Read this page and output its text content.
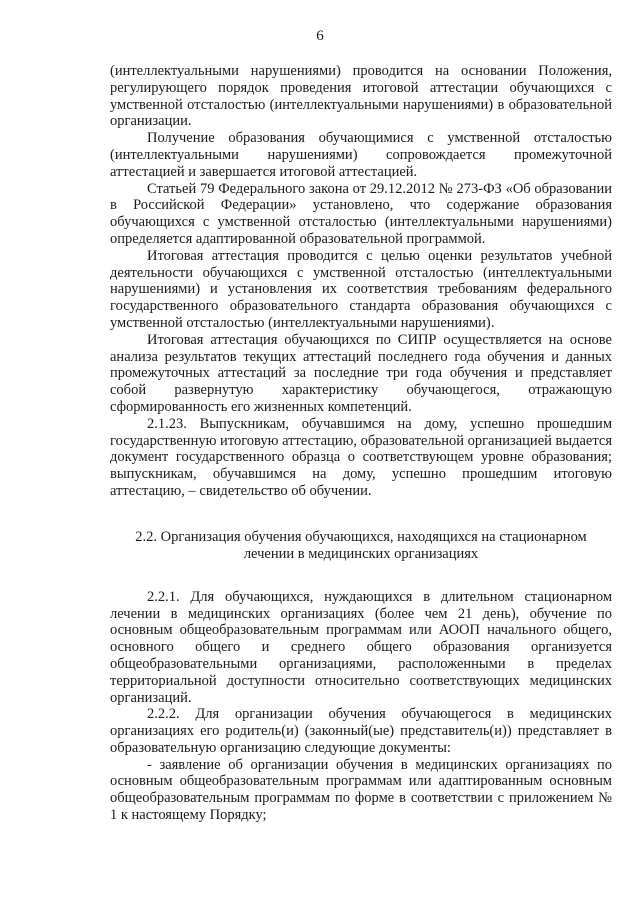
6

(интеллектуальными нарушениями) проводится на основании Положения, регулирующего порядок проведения итоговой аттестации обучающихся с умственной отсталостью (интеллектуальными нарушениями) в образовательной организации.

Получение образования обучающимися с умственной отсталостью (интеллектуальными нарушениями) сопровождается промежуточной аттестацией и завершается итоговой аттестацией.

Статьей 79 Федерального закона от 29.12.2012 № 273-ФЗ «Об образовании в Российской Федерации» установлено, что содержание образования обучающихся с умственной отсталостью (интеллектуальными нарушениями) определяется адаптированной образовательной программой.

Итоговая аттестация проводится с целью оценки результатов учебной деятельности обучающихся с умственной отсталостью (интеллектуальными нарушениями) и установления их соответствия требованиям федерального государственного образовательного стандарта образования обучающихся с умственной отсталостью (интеллектуальными нарушениями).

Итоговая аттестация обучающихся по СИПР осуществляется на основе анализа результатов текущих аттестаций последнего года обучения и данных промежуточных аттестаций за последние три года обучения и представляет собой развернутую характеристику обучающегося, отражающую сформированность его жизненных компетенций.

2.1.23. Выпускникам, обучавшимся на дому, успешно прошедшим государственную итоговую аттестацию, образовательной организацией выдается документ государственного образца о соответствующем уровне образования; выпускникам, обучавшимся на дому, успешно прошедшим итоговую аттестацию, – свидетельство об обучении.

2.2. Организация обучения обучающихся, находящихся на стационарном
лечении в медицинских организациях

2.2.1. Для обучающихся, нуждающихся в длительном стационарном лечении в медицинских организациях (более чем 21 день), обучение по основным общеобразовательным программам или АООП начального общего, основного общего и среднего общего образования организуется общеобразовательными организациями, расположенными в пределах территориальной доступности относительно соответствующих медицинских организаций.

2.2.2. Для организации обучения обучающегося в медицинских организациях его родитель(и) (законный(ые) представитель(и)) представляет в образовательную организацию следующие документы:

- заявление об организации обучения в медицинских организациях по основным общеобразовательным программам или адаптированным основным общеобразовательным программам по форме в соответствии с приложением № 1 к настоящему Порядку;
